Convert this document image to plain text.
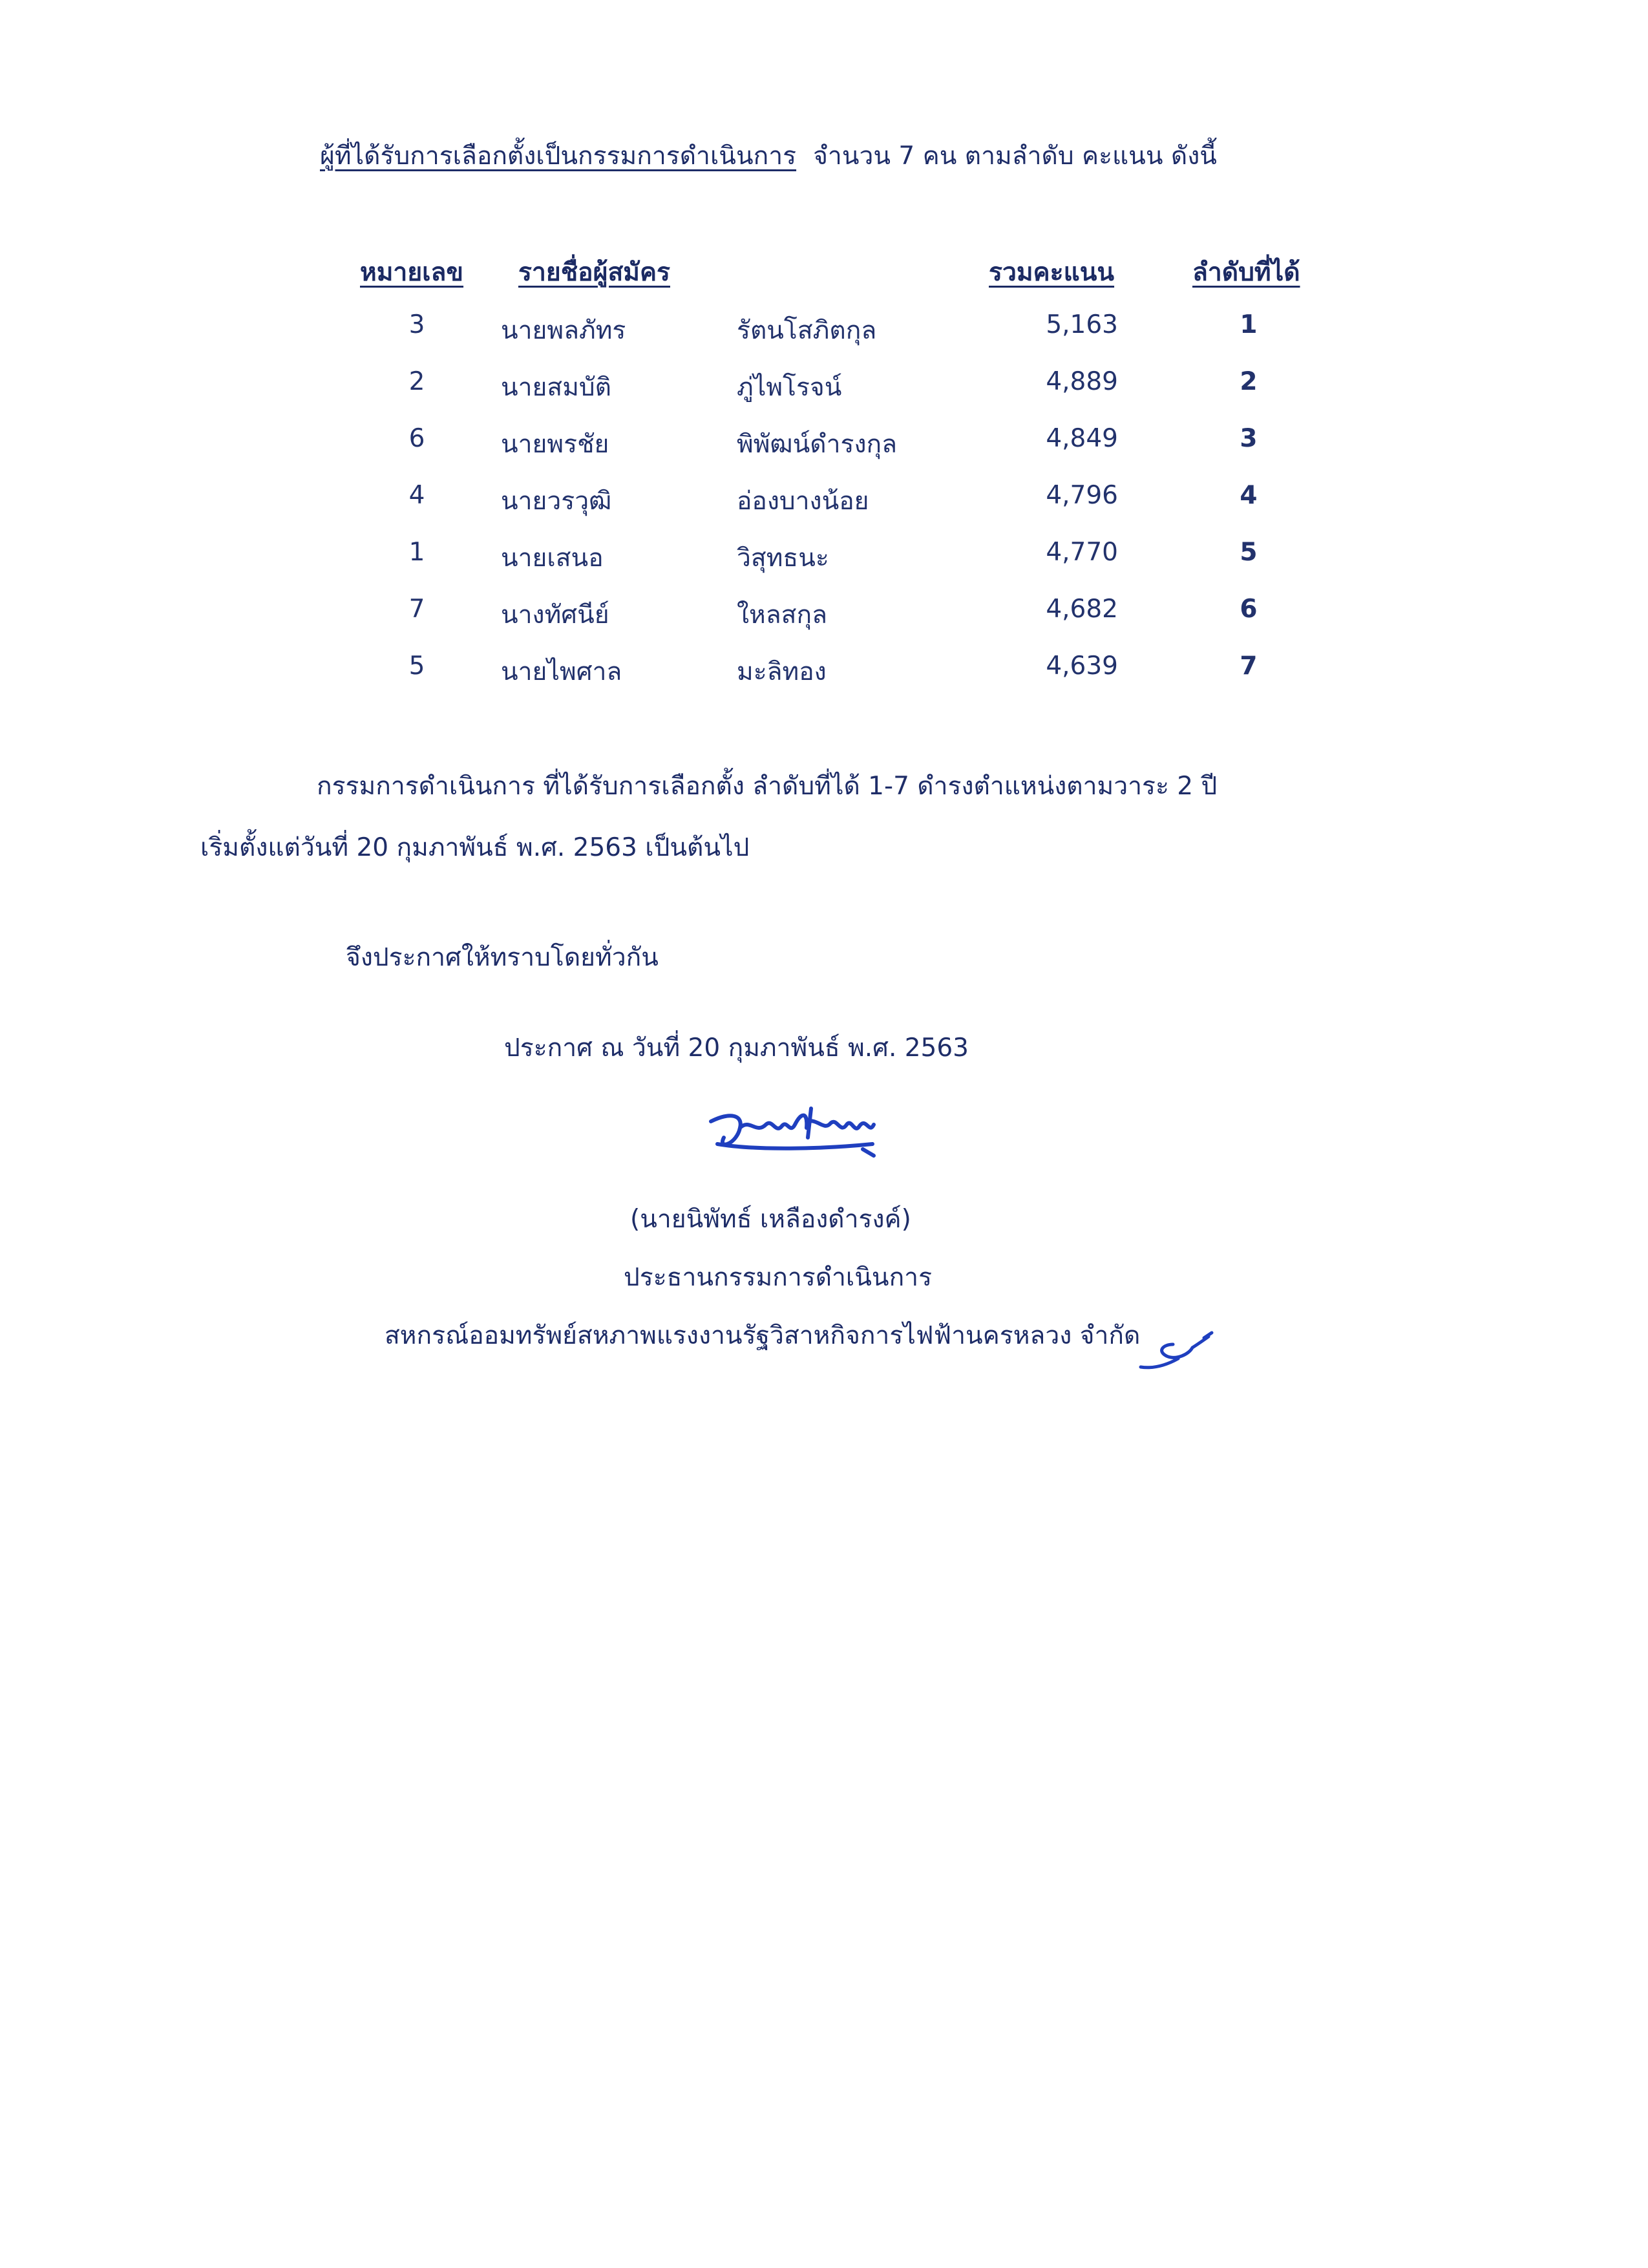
ผู้ที่ได้รับการเลือกตั้งเป็นกรรมการดำเนินการ จำนวน 7 คน ตามลำดับ คะแนน ดังนี้
หมายเลข รายชื่อผู้สมัคร	รวมคะแนน	ลำดับที่ได้
3	นายพลภัทร	รัตนโสภิตกุล	5,163	1
2	นายสมบัติ	ภู่ไพโรจน์	4,889	2
6	นายพรชัย	พิพัฒน์ดำรงกุล	4,849	3
4	นายวรวุฒิ	อ่องบางน้อย	4,796	4
1	นายเสนอ	วิสุทธนะ	4,770	5
7	นางทัศนีย์	ใหลสกุล	4,682	6
5	นายไพศาล	มะลิทอง	4,639	7
กรรมการดำเนินการ ที่ได้รับการเลือกตั้ง ลำดับที่ได้ 1-7 ดำรงตำแหน่งตามวาระ 2 ปี
เริ่มตั้งแต่วันที่ 20 กุมภาพันธ์ พ.ศ. 2563 เป็นต้นไป
จึงประกาศให้ทราบโดยทั่วกัน
ประกาศ ณ วันที่ 20 กุมภาพันธ์ พ.ศ. 2563
(นายนิพัทธ์ เหลืองดำรงค์)
ประธานกรรมการดำเนินการ
สหกรณ์ออมทรัพย์สหภาพแรงงานรัฐวิสาหกิจการไฟฟ้านครหลวง จำกัด
